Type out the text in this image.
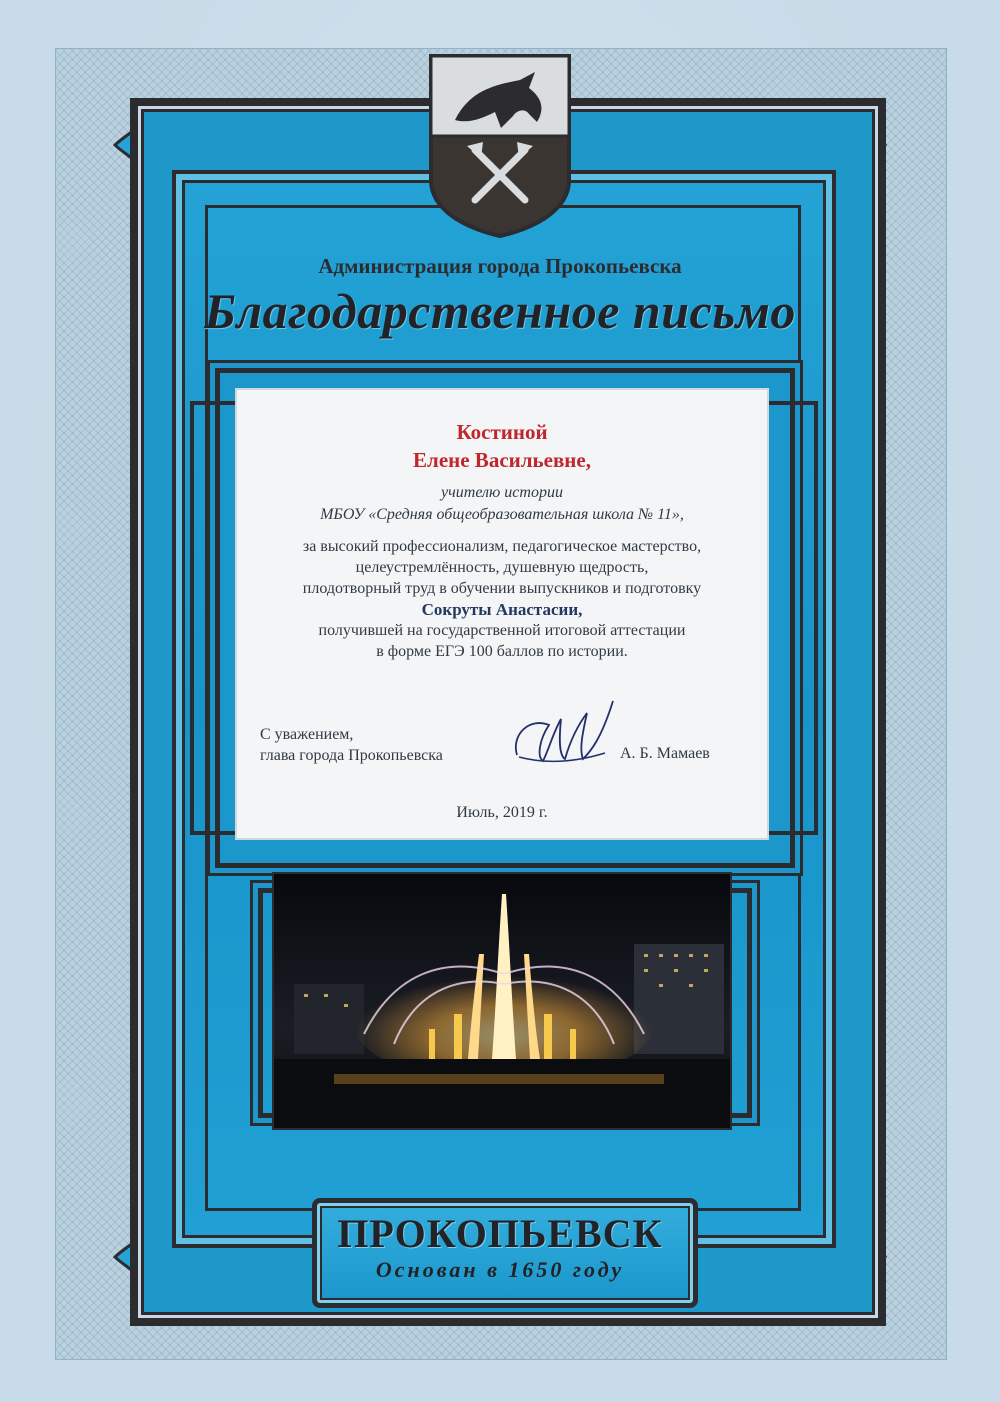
Администрация города Прокопьевска
Благодарственное письмо
Костиной
Елене Васильевне,
учителю истории
МБОУ «Средняя общеобразовательная школа № 11»,
за высокий профессионализм, педагогическое мастерство,
целеустремлённость, душевную щедрость,
плодотворный труд в обучении выпускников и подготовку
Сокруты Анастасии,
получившей на государственной итоговой аттестации
в форме ЕГЭ 100 баллов по истории.
С уважением,
глава города Прокопьевска	А. Б. Мамаев
Июль, 2019 г.
ПРОКОПЬЕВСК
Основан в 1650 году
